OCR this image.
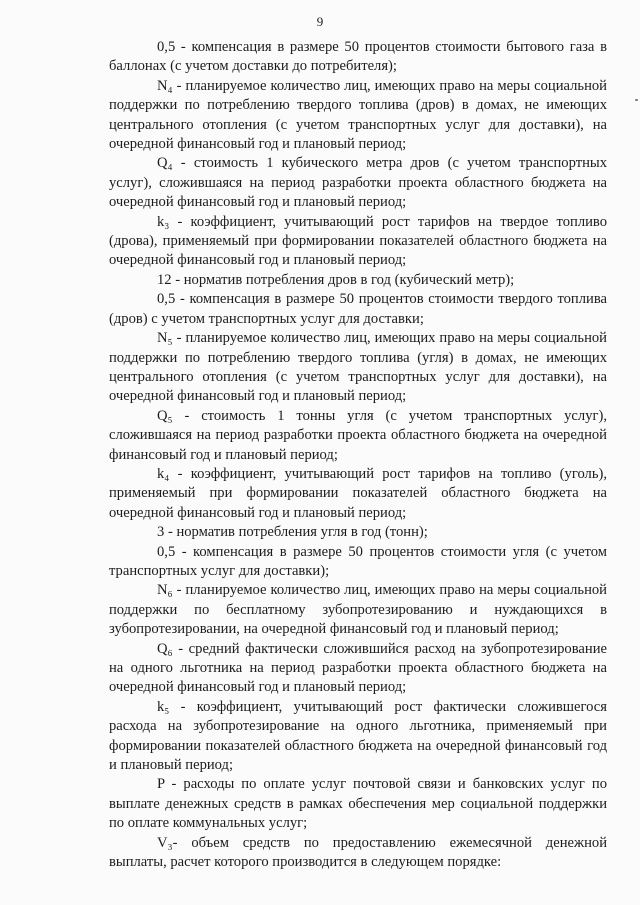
9

0,5 - компенсация в размере 50 процентов стоимости бытового газа в баллонах (с учетом доставки до потребителя);

N₄ - планируемое количество лиц, имеющих право на меры социальной поддержки по потреблению твердого топлива (дров) в домах, не имеющих центрального отопления (с учетом транспортных услуг для доставки), на очередной финансовый год и плановый период;

Q₄ - стоимость 1 кубического метра дров (с учетом транспортных услуг), сложившаяся на период разработки проекта областного бюджета на очередной финансовый год и плановый период;

k₃ - коэффициент, учитывающий рост тарифов на твердое топливо (дрова), применяемый при формировании показателей областного бюджета на очередной финансовый год и плановый период;

12 - норматив потребления дров в год (кубический метр);

0,5 - компенсация в размере 50 процентов стоимости твердого топлива (дров) с учетом транспортных услуг для доставки;

N₅ - планируемое количество лиц, имеющих право на меры социальной поддержки по потреблению твердого топлива (угля) в домах, не имеющих центрального отопления (с учетом транспортных услуг для доставки), на очередной финансовый год и плановый период;

Q₅ - стоимость 1 тонны угля (с учетом транспортных услуг), сложившаяся на период разработки проекта областного бюджета на очередной финансовый год и плановый период;

k₄ - коэффициент, учитывающий рост тарифов на топливо (уголь), применяемый при формировании показателей областного бюджета на очередной финансовый год и плановый период;

3 - норматив потребления угля в год (тонн);

0,5 - компенсация в размере 50 процентов стоимости угля (с учетом транспортных услуг для доставки);

N₆ - планируемое количество лиц, имеющих право на меры социальной поддержки по бесплатному зубопротезированию и нуждающихся в зубопротезировании, на очередной финансовый год и плановый период;

Q₆ - средний фактически сложившийся расход на зубопротезирование на одного льготника на период разработки проекта областного бюджета на очередной финансовый год и плановый период;

k₅ - коэффициент, учитывающий рост фактически сложившегося расхода на зубопротезирование на одного льготника, применяемый при формировании показателей областного бюджета на очередной финансовый год и плановый период;

P - расходы по оплате услуг почтовой связи и банковских услуг по выплате денежных средств в рамках обеспечения мер социальной поддержки по оплате коммунальных услуг;

V₃- объем средств по предоставлению ежемесячной денежной выплаты, расчет которого производится в следующем порядке:
